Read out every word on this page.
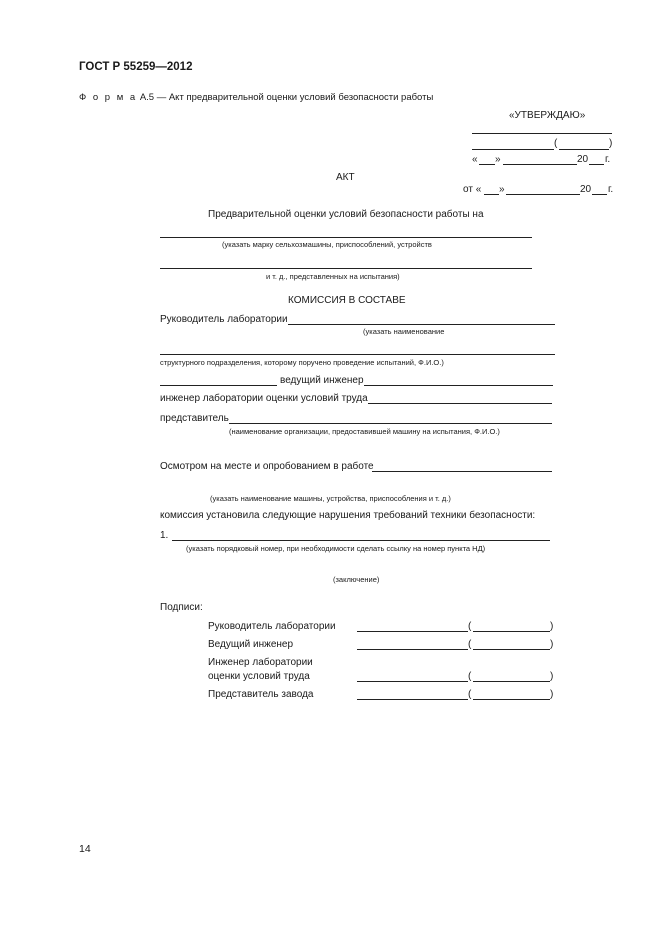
ГОСТ Р 55259—2012
Ф о р м а А.5 — Акт предварительной оценки условий безопасности работы
«УТВЕРЖДАЮ»
(	)
« »	20 г.
АКТ
от « »	20 г.
Предварительной оценки условий безопасности работы на
(указать марку сельхозмашины, приспособлений, устройств
и т. д., представленных на испытания)
КОМИССИЯ В СОСТАВЕ
Руководитель лаборатории
(указать наименование
структурного подразделения, которому поручено проведение испытаний, Ф.И.О.)
ведущий инженер
инженер лаборатории оценки условий труда
представитель
(наименование организации, предоставившей машину на испытания, Ф.И.О.)
Осмотром на месте и опробованием в работе
(указать наименование машины, устройства, приспособления и т. д.)
комиссия установила следующие нарушения требований техники безопасности:
1.
(указать порядковый номер, при необходимости сделать ссылку на номер пункта НД)
(заключение)
Подписи:
Руководитель лаборатории	(	)
Ведущий инженер	(	)
Инженер лаборатории
оценки условий труда	(	)
Представитель завода	(	)
14
